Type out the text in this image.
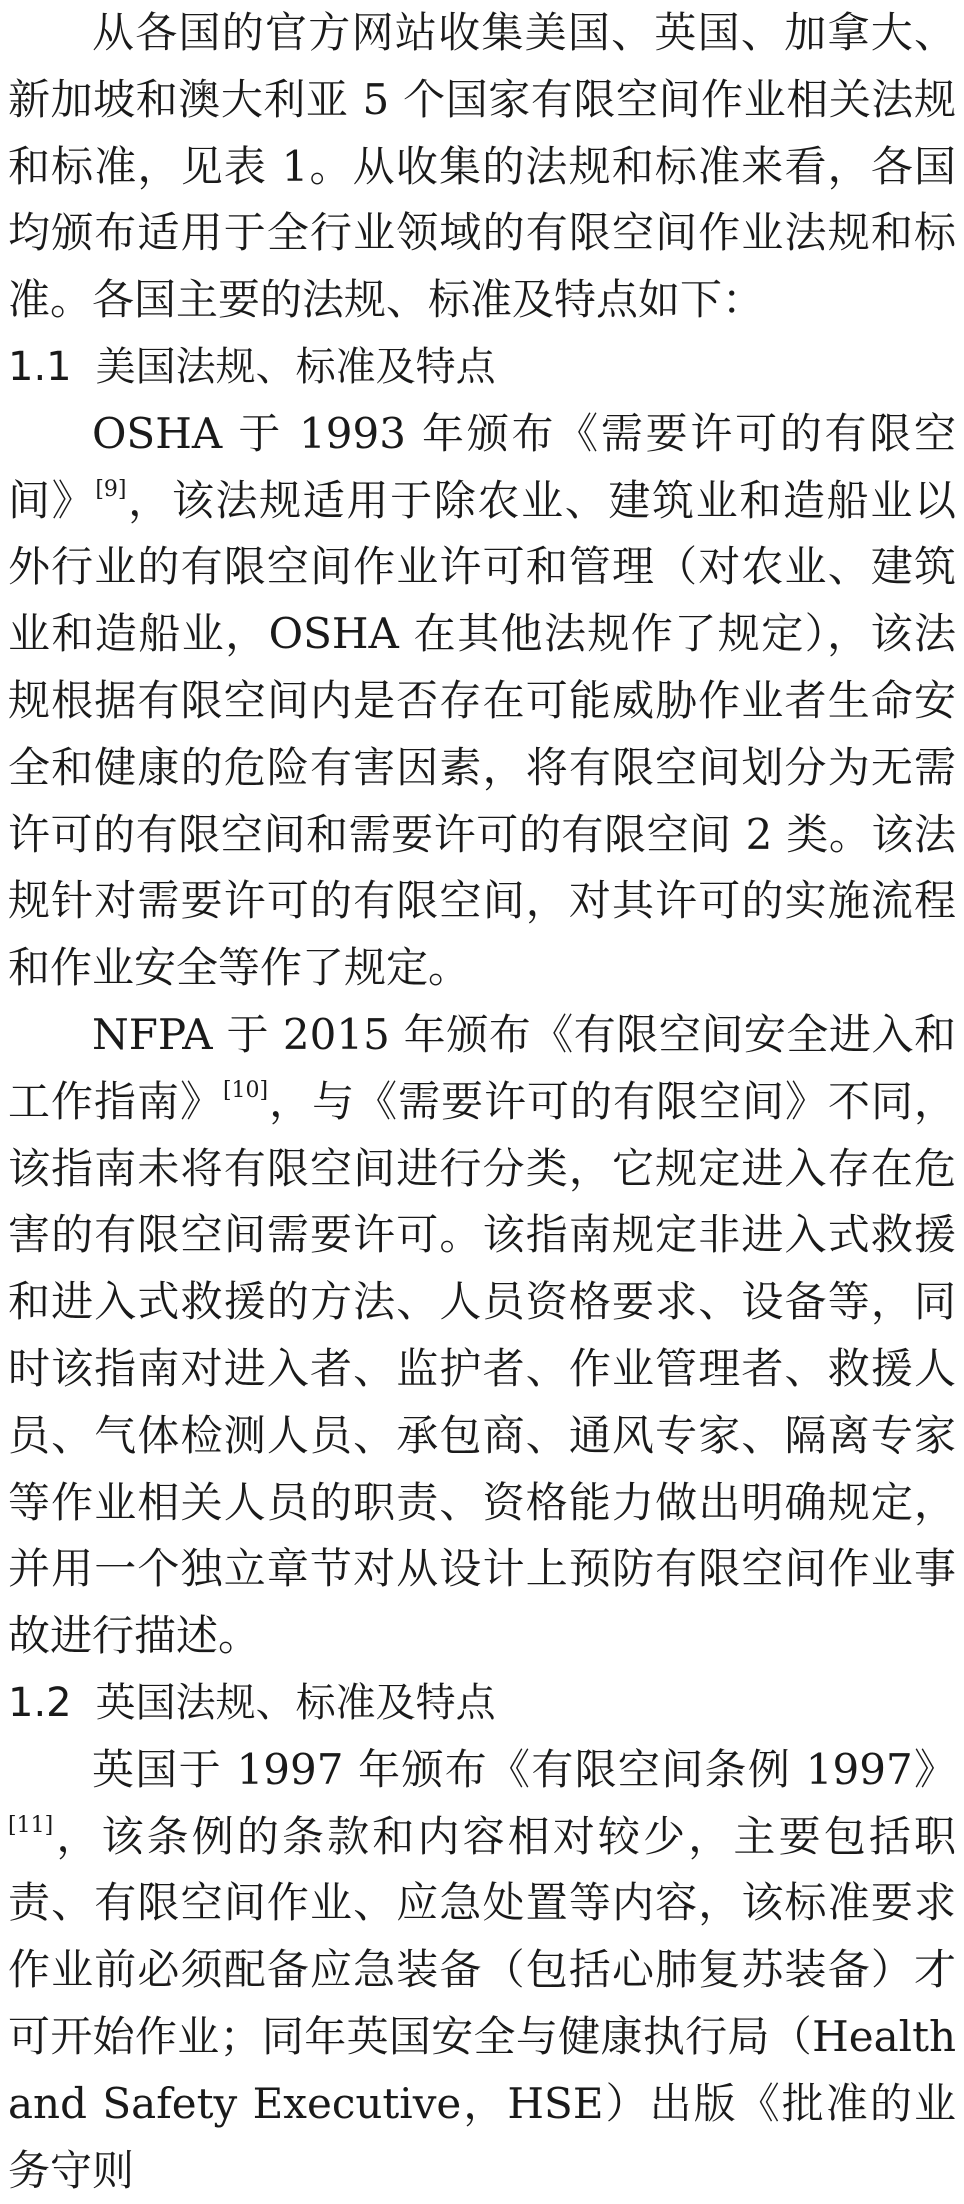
从各国的官方网站收集美国、英国、加拿大、新加坡和澳大利亚 5 个国家有限空间作业相关法规和标准，见表 1。从收集的法规和标准来看，各国均颁布适用于全行业领域的有限空间作业法规和标准。各国主要的法规、标准及特点如下：

1.1 美国法规、标准及特点

OSHA 于 1993 年颁布《需要许可的有限空间》[9]，该法规适用于除农业、建筑业和造船业以外行业的有限空间作业许可和管理（对农业、建筑业和造船业，OSHA 在其他法规作了规定），该法规根据有限空间内是否存在可能威胁作业者生命安全和健康的危险有害因素，将有限空间划分为无需许可的有限空间和需要许可的有限空间 2 类。该法规针对需要许可的有限空间，对其许可的实施流程和作业安全等作了规定。

NFPA 于 2015 年颁布《有限空间安全进入和工作指南》[10]，与《需要许可的有限空间》不同，该指南未将有限空间进行分类，它规定进入存在危害的有限空间需要许可。该指南规定非进入式救援和进入式救援的方法、人员资格要求、设备等，同时该指南对进入者、监护者、作业管理者、救援人员、气体检测人员、承包商、通风专家、隔离专家等作业相关人员的职责、资格能力做出明确规定，并用一个独立章节对从设计上预防有限空间作业事故进行描述。

1.2 英国法规、标准及特点

英国于 1997 年颁布《有限空间条例 1997》[11]，该条例的条款和内容相对较少，主要包括职责、有限空间作业、应急处置等内容，该标准要求作业前必须配备应急装备（包括心肺复苏装备）才可开始作业；同年英国安全与健康执行局（Health and Safety Executive，HSE）出版《批准的业务守则
